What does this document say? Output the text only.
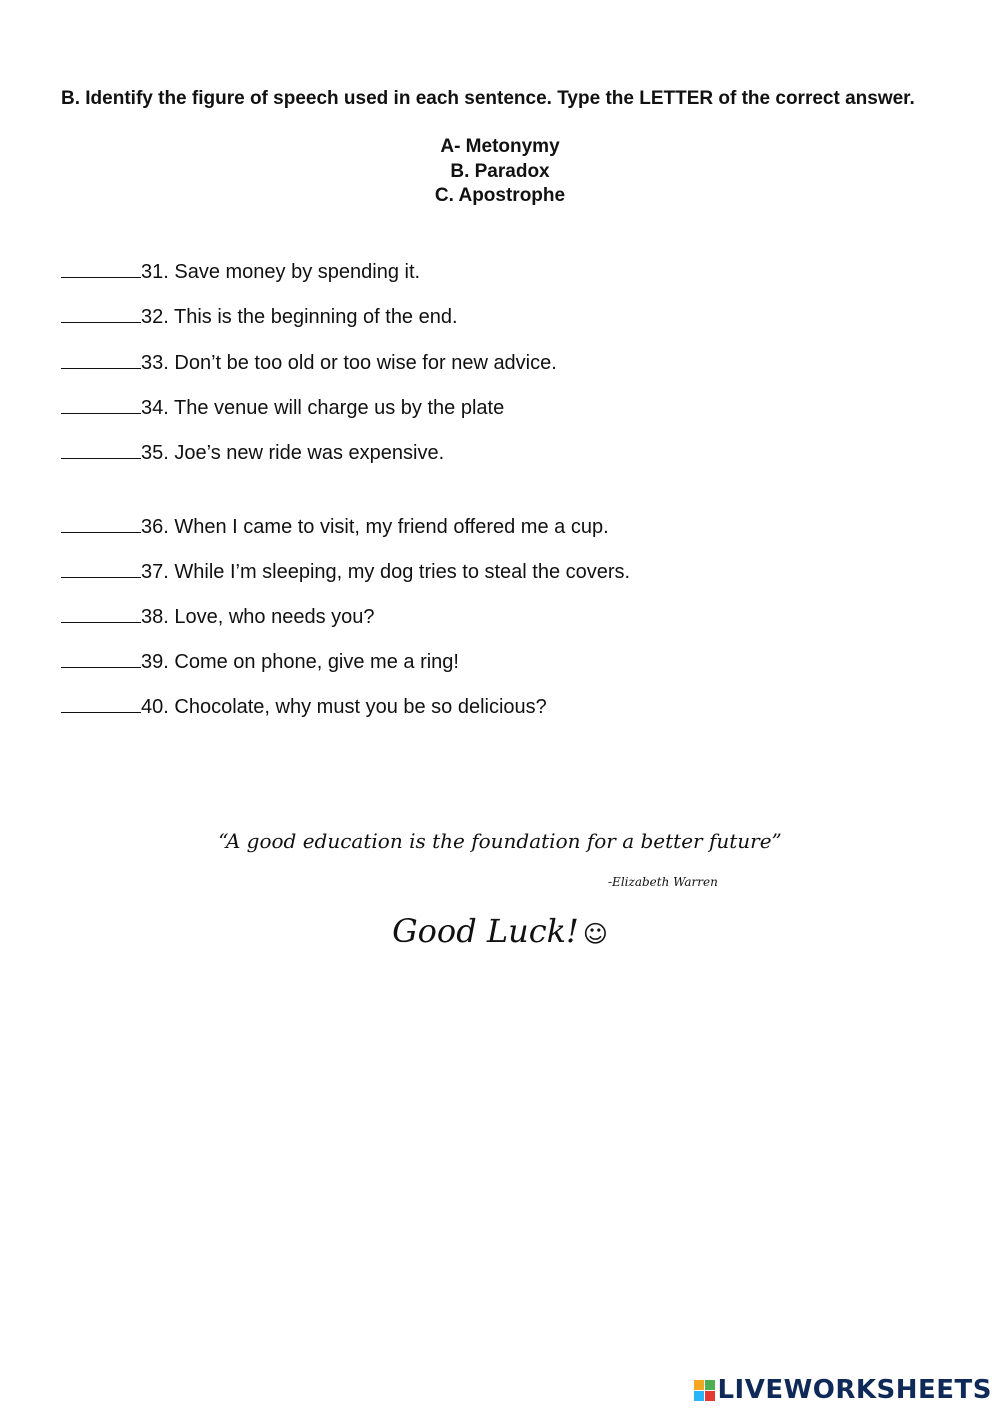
B. Identify the figure of speech used in each sentence. Type the LETTER of the correct answer.
A- Metonymy
B. Paradox
C. Apostrophe
31. Save money by spending it.
32. This is the beginning of the end.
33. Don’t be too old or too wise for new advice.
34. The venue will charge us by the plate
35. Joe’s new ride was expensive.
36. When I came to visit, my friend offered me a cup.
37. While I’m sleeping, my dog tries to steal the covers.
38. Love, who needs you?
39. Come on phone, give me a ring!
40. Chocolate, why must you be so delicious?
“A good education is the foundation for a better future”
-Elizabeth Warren
Good Luck! ☺
LIVEWORKSHEETS
